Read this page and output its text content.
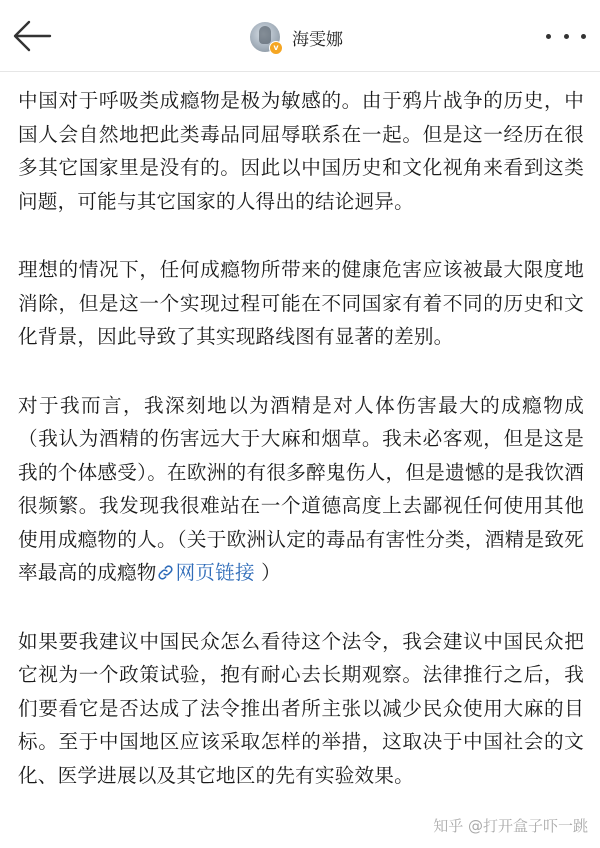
v 海雯娜

中国对于呼吸类成瘾物是极为敏感的。由于鸦片战争的历史，中国人会自然地把此类毒品同屈辱联系在一起。但是这一经历在很多其它国家里是没有的。因此以中国历史和文化视角来看到这类问题，可能与其它国家的人得出的结论迥异。

理想的情况下，任何成瘾物所带来的健康危害应该被最大限度地消除，但是这一个实现过程可能在不同国家有着不同的历史和文化背景，因此导致了其实现路线图有显著的差别。

对于我而言，我深刻地以为酒精是对人体伤害最大的成瘾物成（我认为酒精的伤害远大于大麻和烟草。我未必客观，但是这是我的个体感受）。在欧洲的有很多醉鬼伤人，但是遗憾的是我饮酒很频繁。我发现我很难站在一个道德高度上去鄙视任何使用其他使用成瘾物的人。（关于欧洲认定的毒品有害性分类，酒精是致死率最高的成瘾物 网页链接 ）

如果要我建议中国民众怎么看待这个法令，我会建议中国民众把它视为一个政策试验，抱有耐心去长期观察。法律推行之后，我们要看它是否达成了法令推出者所主张以减少民众使用大麻的目标。至于中国地区应该采取怎样的举措，这取决于中国社会的文化、医学进展以及其它地区的先有实验效果。

知乎 @打开盒子吓一跳
